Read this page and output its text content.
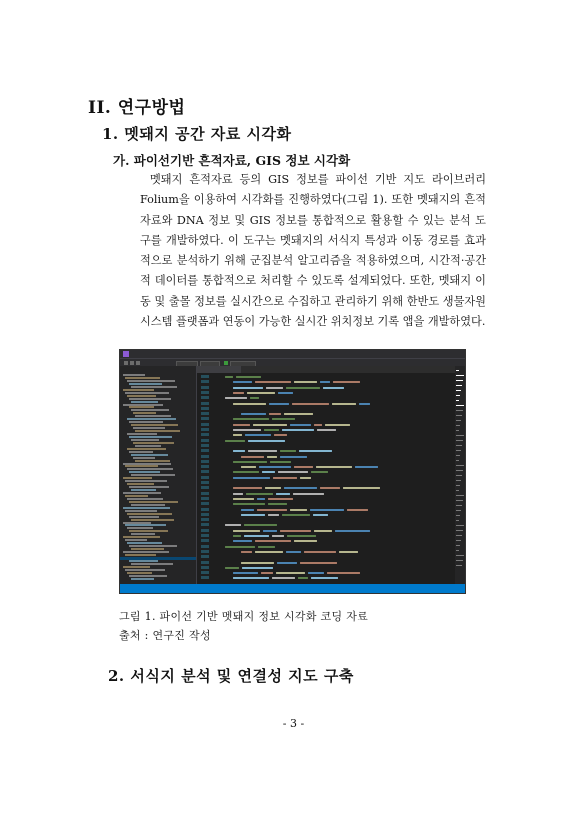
II. 연구방법
1. 멧돼지 공간 자료 시각화
가. 파이선기반 흔적자료, GIS 정보 시각화

멧돼지 흔적자료 등의 GIS 정보를 파이선 기반 지도 라이브러리 Folium을 이용하여 시각화를 진행하였다(그림 1). 또한 멧돼지의 흔적자료와 DNA 정보 및 GIS 정보를 통합적으로 활용할 수 있는 분석 도구를 개발하였다. 이 도구는 멧돼지의 서식지 특성과 이동 경로를 효과적으로 분석하기 위해 군집분석 알고리즘을 적용하였으며, 시간적·공간적 데이터를 통합적으로 처리할 수 있도록 설계되었다. 또한, 멧돼지 이동 및 출몰 정보를 실시간으로 수집하고 관리하기 위해 한반도 생물자원시스템 플랫폼과 연동이 가능한 실시간 위치정보 기록 앱을 개발하였다.

그림 1. 파이선 기반 멧돼지 정보 시각화 코딩 자료
출처 : 연구진 작성
2. 서식지 분석 및 연결성 지도 구축
- 3 -
